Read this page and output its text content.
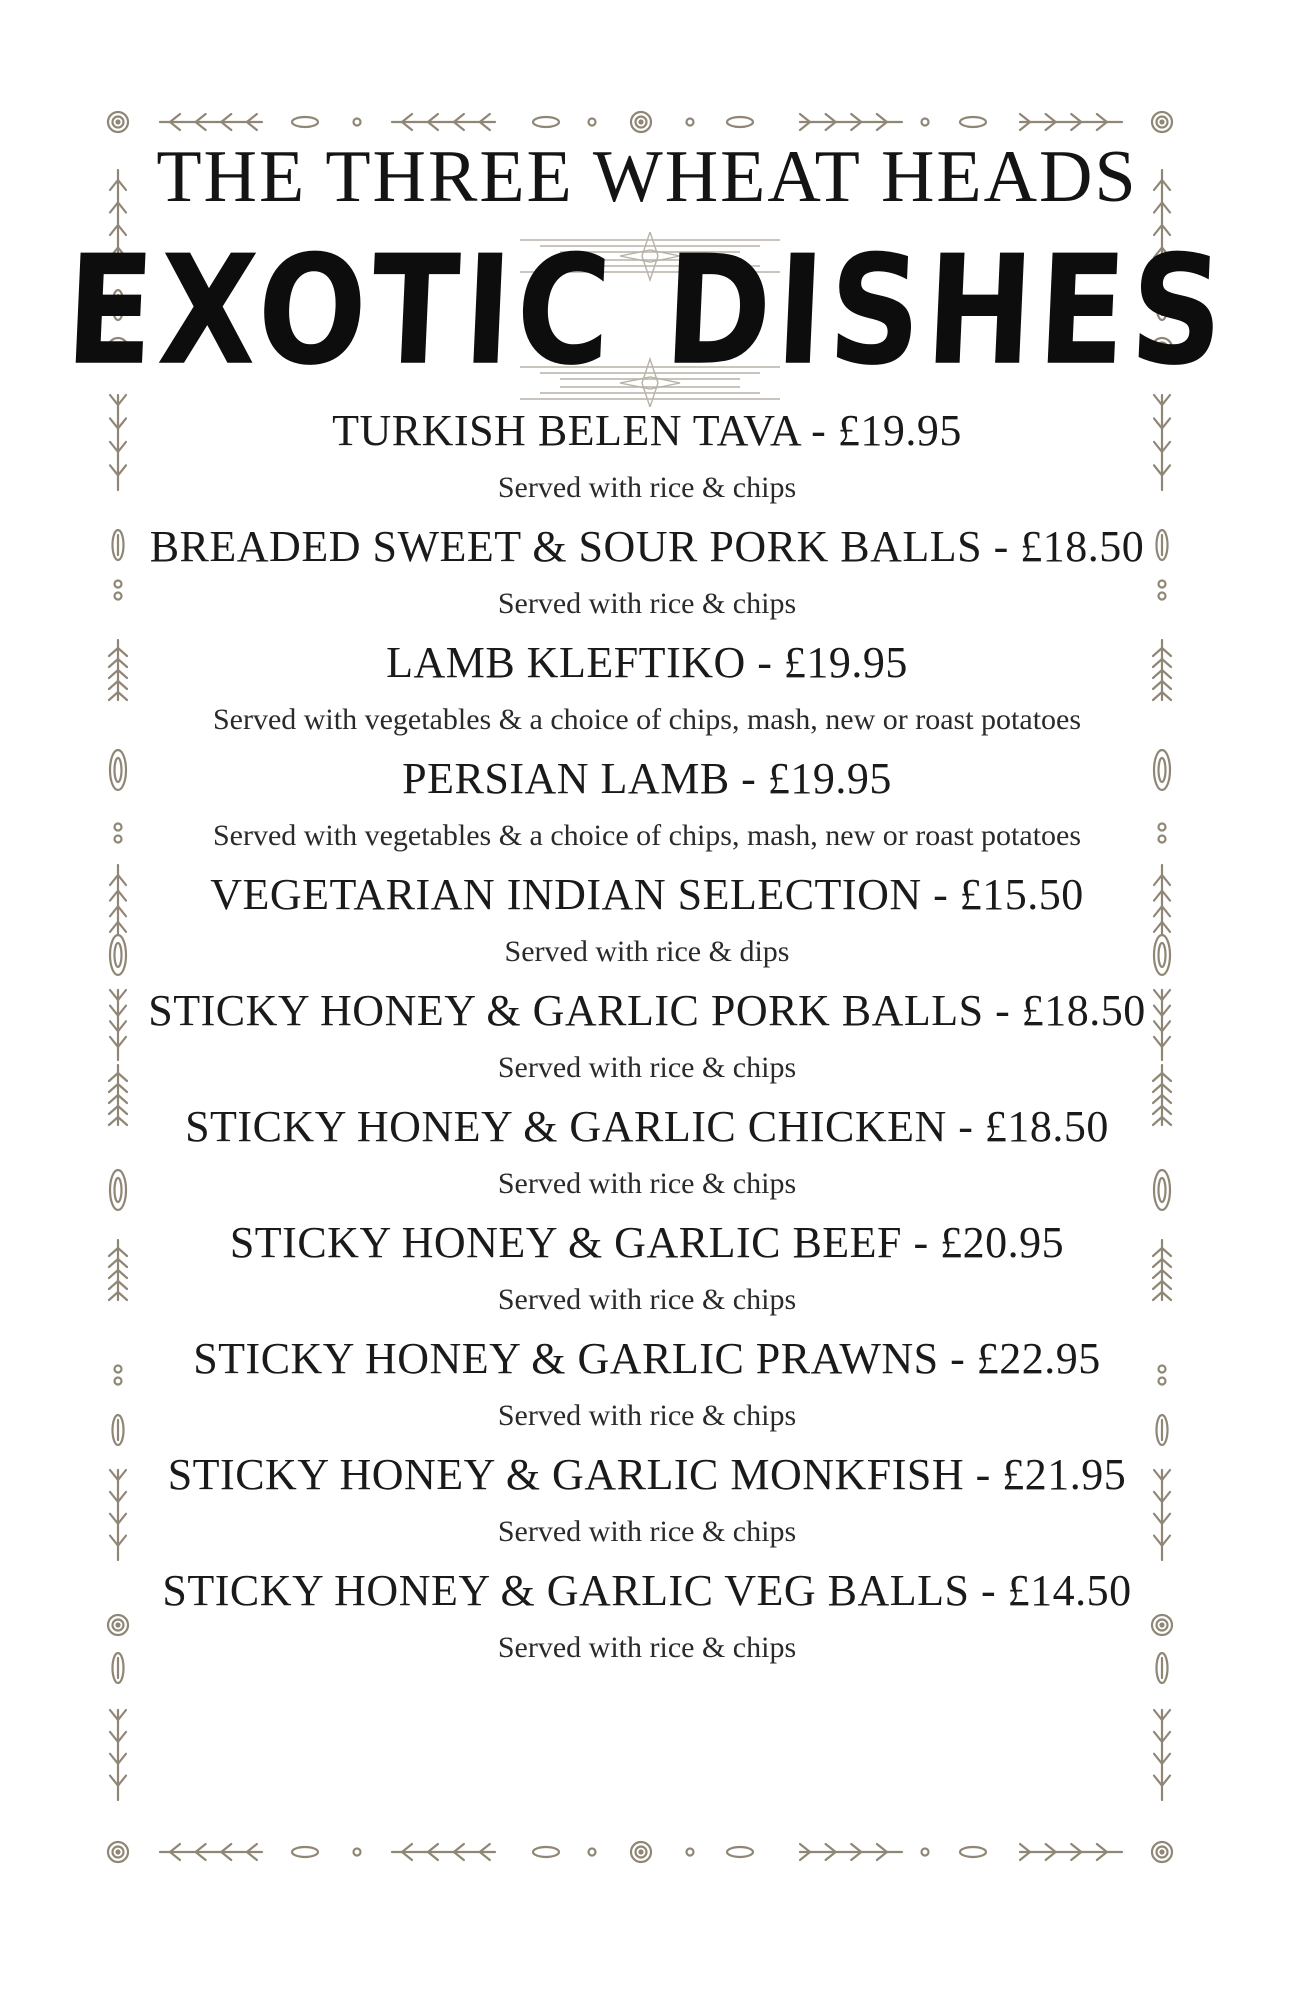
THE THREE WHEAT HEADS
EXOTIC DISHES
TURKISH BELEN TAVA - £19.95
Served with rice & chips
BREADED SWEET & SOUR PORK BALLS - £18.50
Served with rice & chips
LAMB KLEFTIKO - £19.95
Served with vegetables & a choice of chips, mash, new or roast potatoes
PERSIAN LAMB - £19.95
Served with vegetables & a choice of chips, mash, new or roast potatoes
VEGETARIAN INDIAN SELECTION - £15.50
Served with rice & dips
STICKY HONEY & GARLIC PORK BALLS - £18.50
Served with rice & chips
STICKY HONEY & GARLIC CHICKEN - £18.50
Served with rice & chips
STICKY HONEY & GARLIC BEEF - £20.95
Served with rice & chips
STICKY HONEY & GARLIC PRAWNS - £22.95
Served with rice & chips
STICKY HONEY & GARLIC MONKFISH - £21.95
Served with rice & chips
STICKY HONEY & GARLIC VEG BALLS - £14.50
Served with rice & chips
